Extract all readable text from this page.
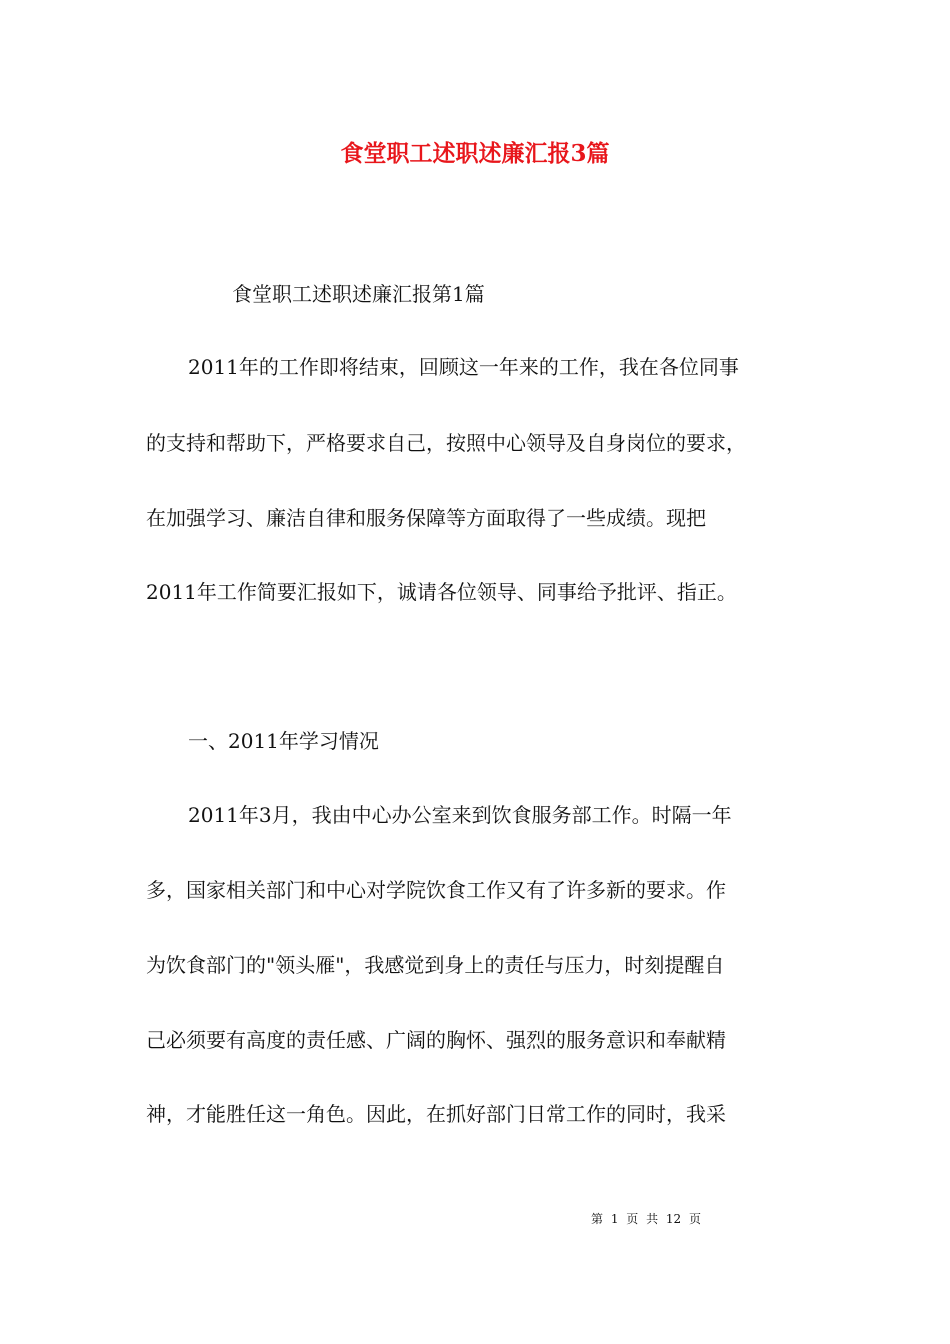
食堂职工述职述廉汇报3篇
食堂职工述职述廉汇报第1篇
2011年的工作即将结束，回顾这一年来的工作，我在各位同事
的支持和帮助下，严格要求自己，按照中心领导及自身岗位的要求，
在加强学习、廉洁自律和服务保障等方面取得了一些成绩。现把
2011年工作简要汇报如下，诚请各位领导、同事给予批评、指正。
一、2011年学习情况
2011年3月，我由中心办公室来到饮食服务部工作。时隔一年
多，国家相关部门和中心对学院饮食工作又有了许多新的要求。作
为饮食部门的"领头雁"，我感觉到身上的责任与压力，时刻提醒自
己必须要有高度的责任感、广阔的胸怀、强烈的服务意识和奉献精
神，才能胜任这一角色。因此，在抓好部门日常工作的同时，我采
第 1 页 共 12 页
